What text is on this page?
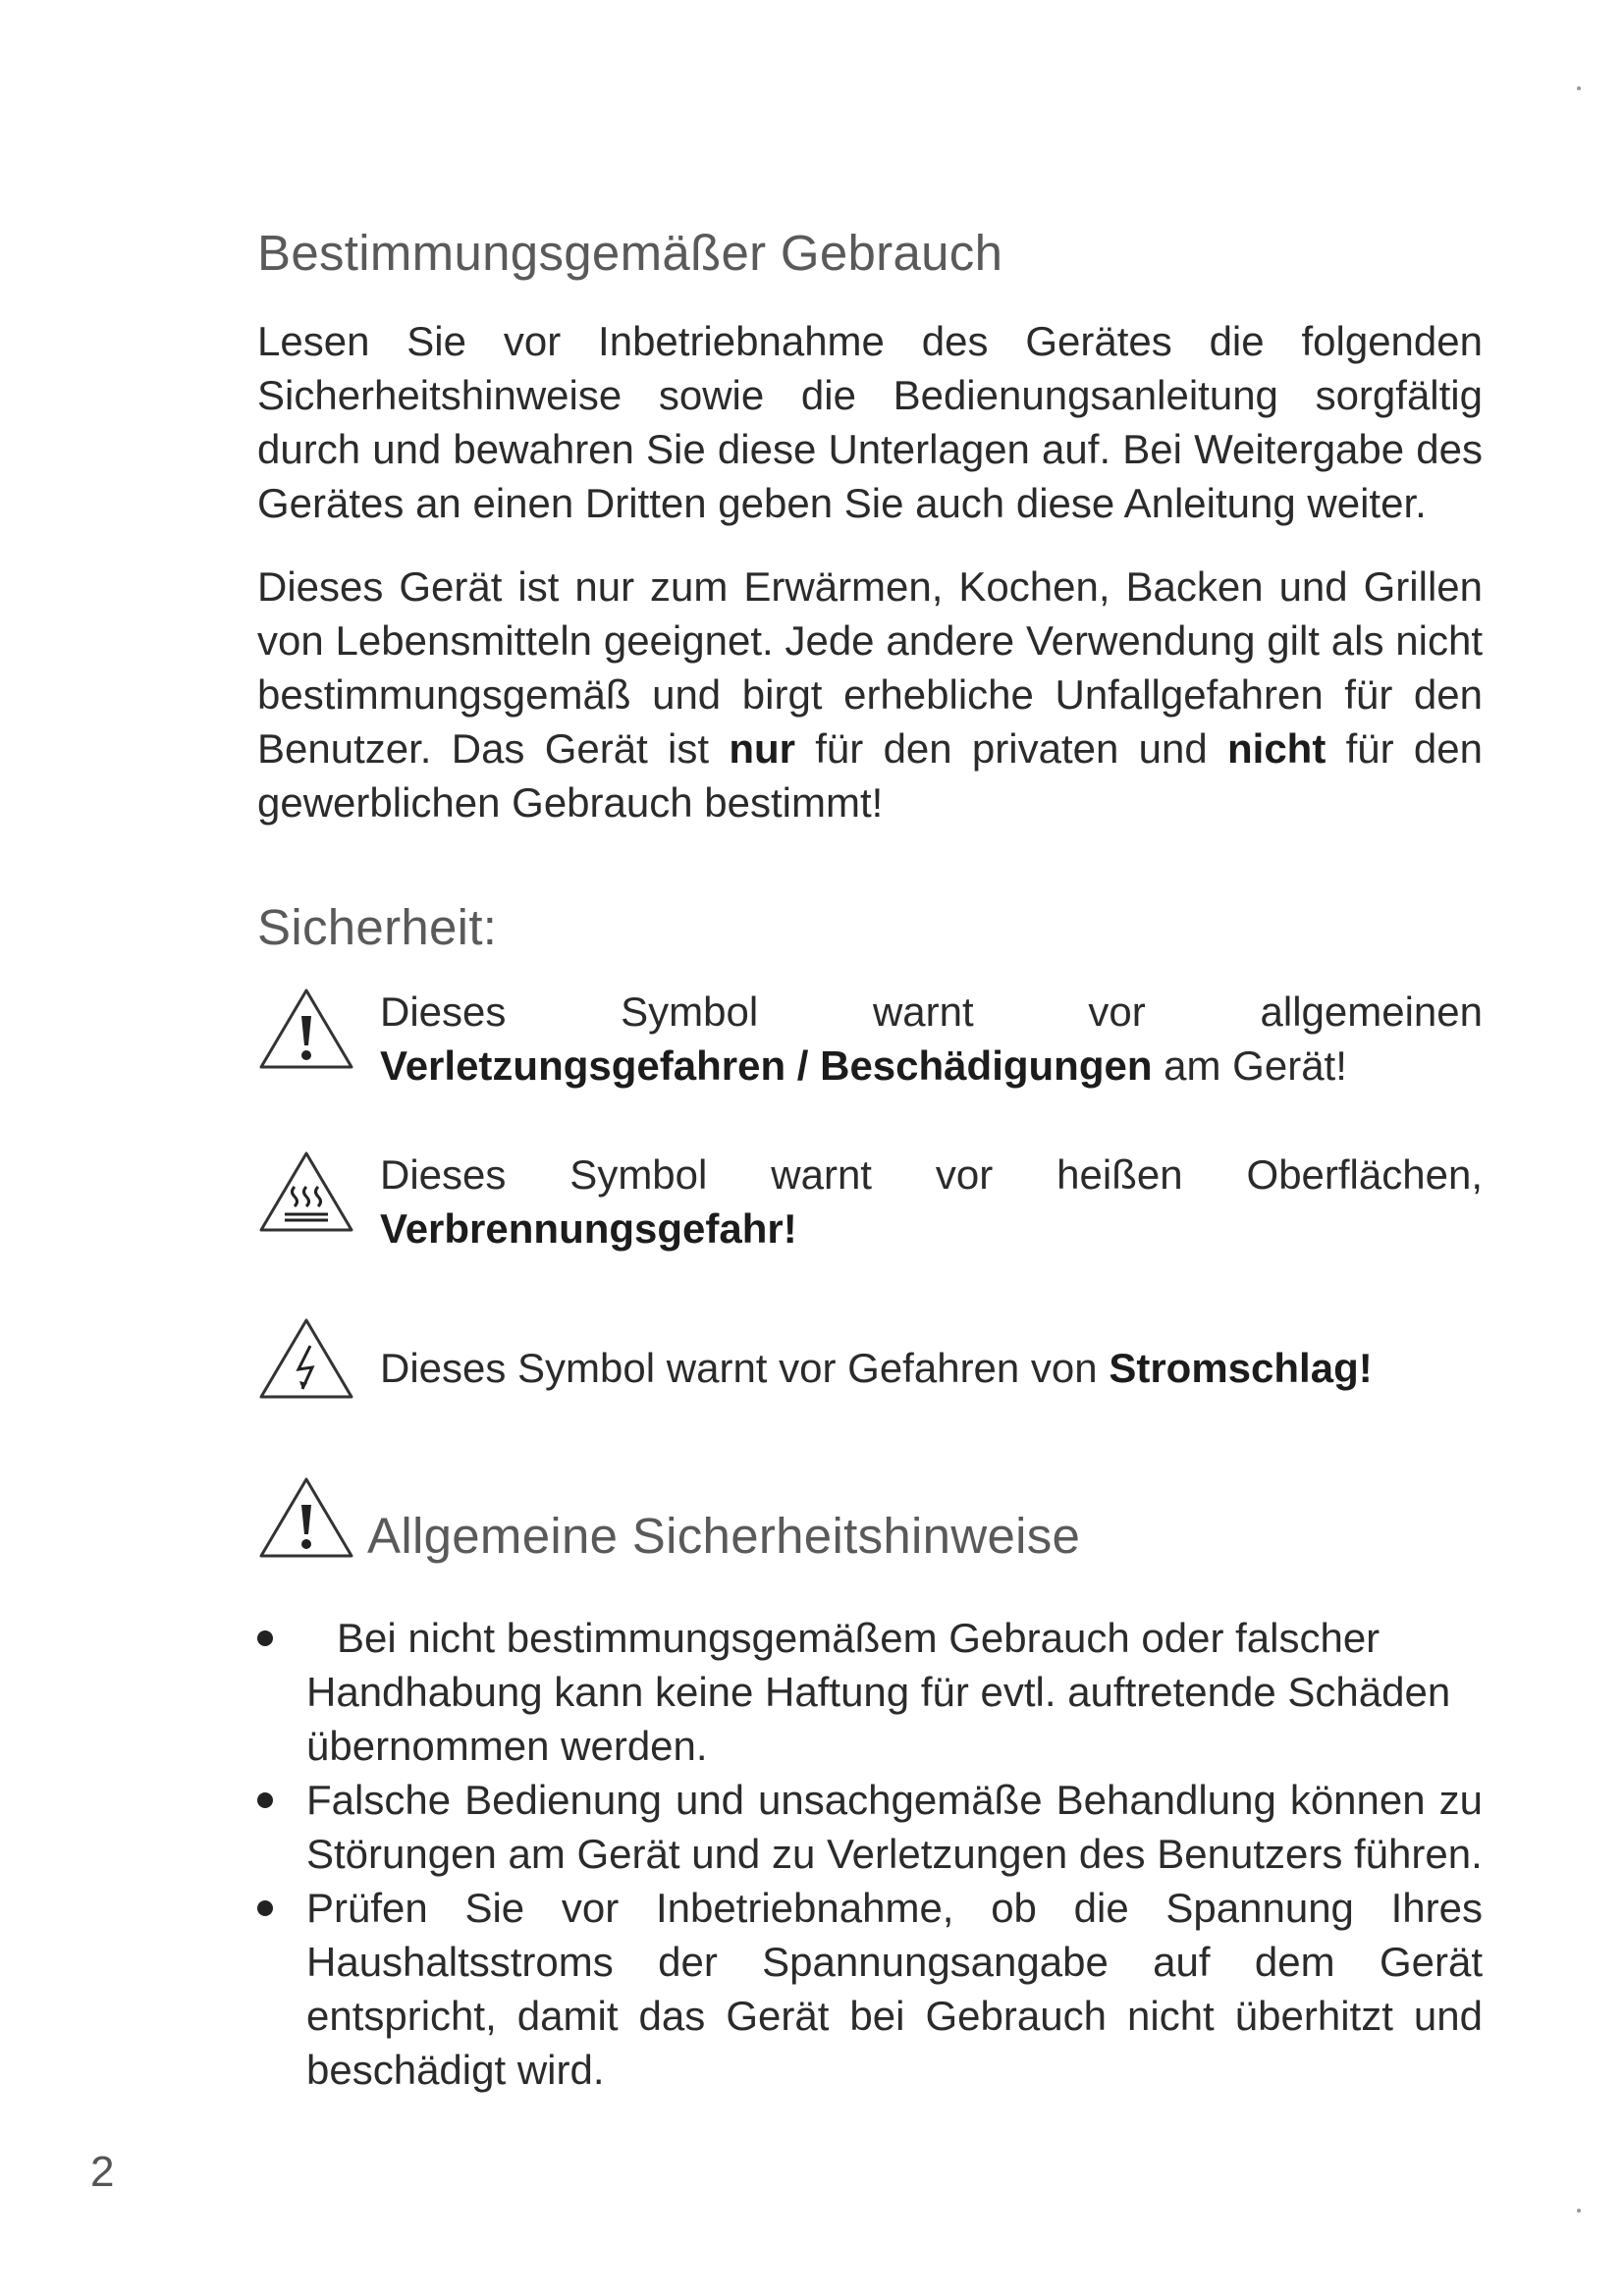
Bestimmungsgemäßer Gebrauch

Lesen Sie vor Inbetriebnahme des Gerätes die folgenden Sicherheitshinweise sowie die Bedienungsanleitung sorgfältig durch und bewahren Sie diese Unterlagen auf. Bei Weitergabe des Gerätes an einen Dritten geben Sie auch diese Anleitung weiter.

Dieses Gerät ist nur zum Erwärmen, Kochen, Backen und Grillen von Lebensmitteln geeignet. Jede andere Verwendung gilt als nicht bestimmungsgemäß und birgt erhebliche Unfallgefahren für den Benutzer. Das Gerät ist nur für den privaten und nicht für den gewerblichen Gebrauch bestimmt!

Sicherheit:

Dieses Symbol warnt vor allgemeinen

Verletzungsgefahren / Beschädigungen am Gerät!

Dieses Symbol warnt vor heißen Oberflächen,

Verbrennungsgefahr!

Dieses Symbol warnt vor Gefahren von Stromschlag!

Allgemeine Sicherheitshinweise
Bei nicht bestimmungsgemäßem Gebrauch oder falscher Handhabung kann keine Haftung für evtl. auftretende Schäden übernommen werden.
Falsche Bedienung und unsachgemäße Behandlung können zu Störungen am Gerät und zu Verletzungen des Benutzers führen.
Prüfen Sie vor Inbetriebnahme, ob die Spannung Ihres Haushaltsstroms der Spannungsangabe auf dem Gerät entspricht, damit das Gerät bei Gebrauch nicht überhitzt und beschädigt wird.

2
